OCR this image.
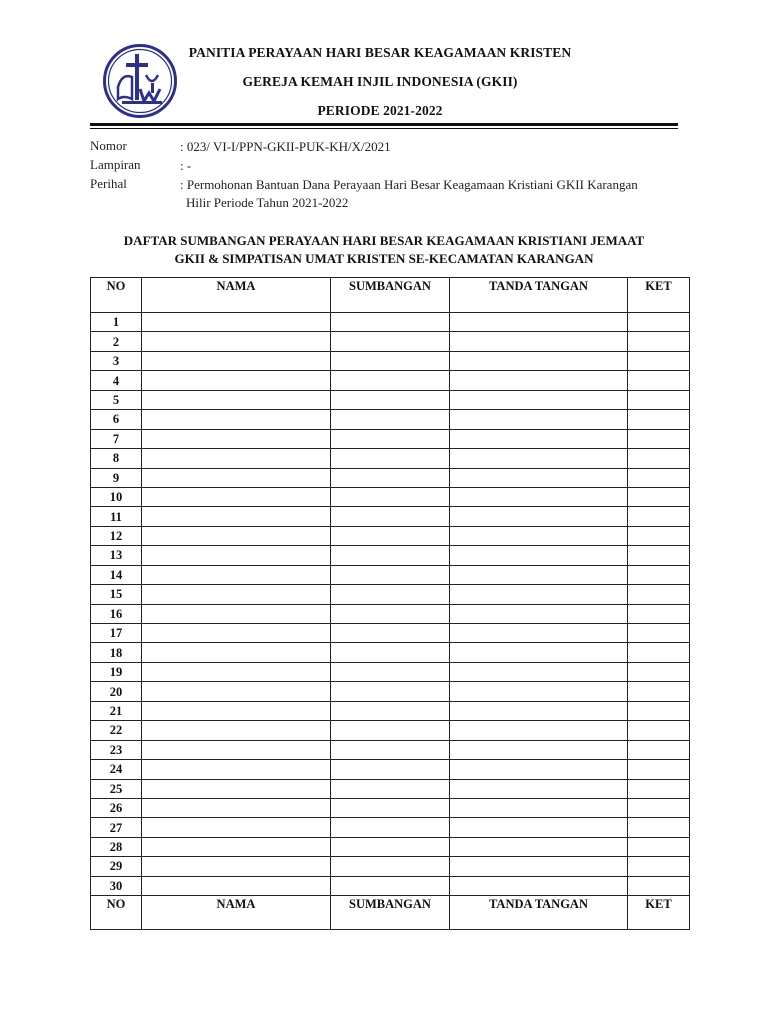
PANITIA PERAYAAN HARI BESAR KEAGAMAAN KRISTEN
GEREJA KEMAH INJIL INDONESIA (GKII)
PERIODE 2021-2022
Nomor	: 023/ VI-I/PPN-GKII-PUK-KH/X/2021
Lampiran	: -
Perihal	: Permohonan Bantuan Dana Perayaan Hari Besar Keagamaan Kristiani GKII Karangan
Hilir Periode Tahun 2021-2022
DAFTAR SUMBANGAN PERAYAAN HARI BESAR KEAGAMAAN KRISTIANI JEMAAT
GKII & SIMPATISAN UMAT KRISTEN SE-KECAMATAN KARANGAN
NO	NAMA	SUMBANGAN	TANDA TANGAN	KET
1				
2				
3				
4				
5				
6				
7				
8				
9				
10				
11				
12				
13				
14				
15				
16				
17				
18				
19				
20				
21				
22				
23				
24				
25				
26				
27				
28				
29				
30				
NO	NAMA	SUMBANGAN	TANDA TANGAN	KET
